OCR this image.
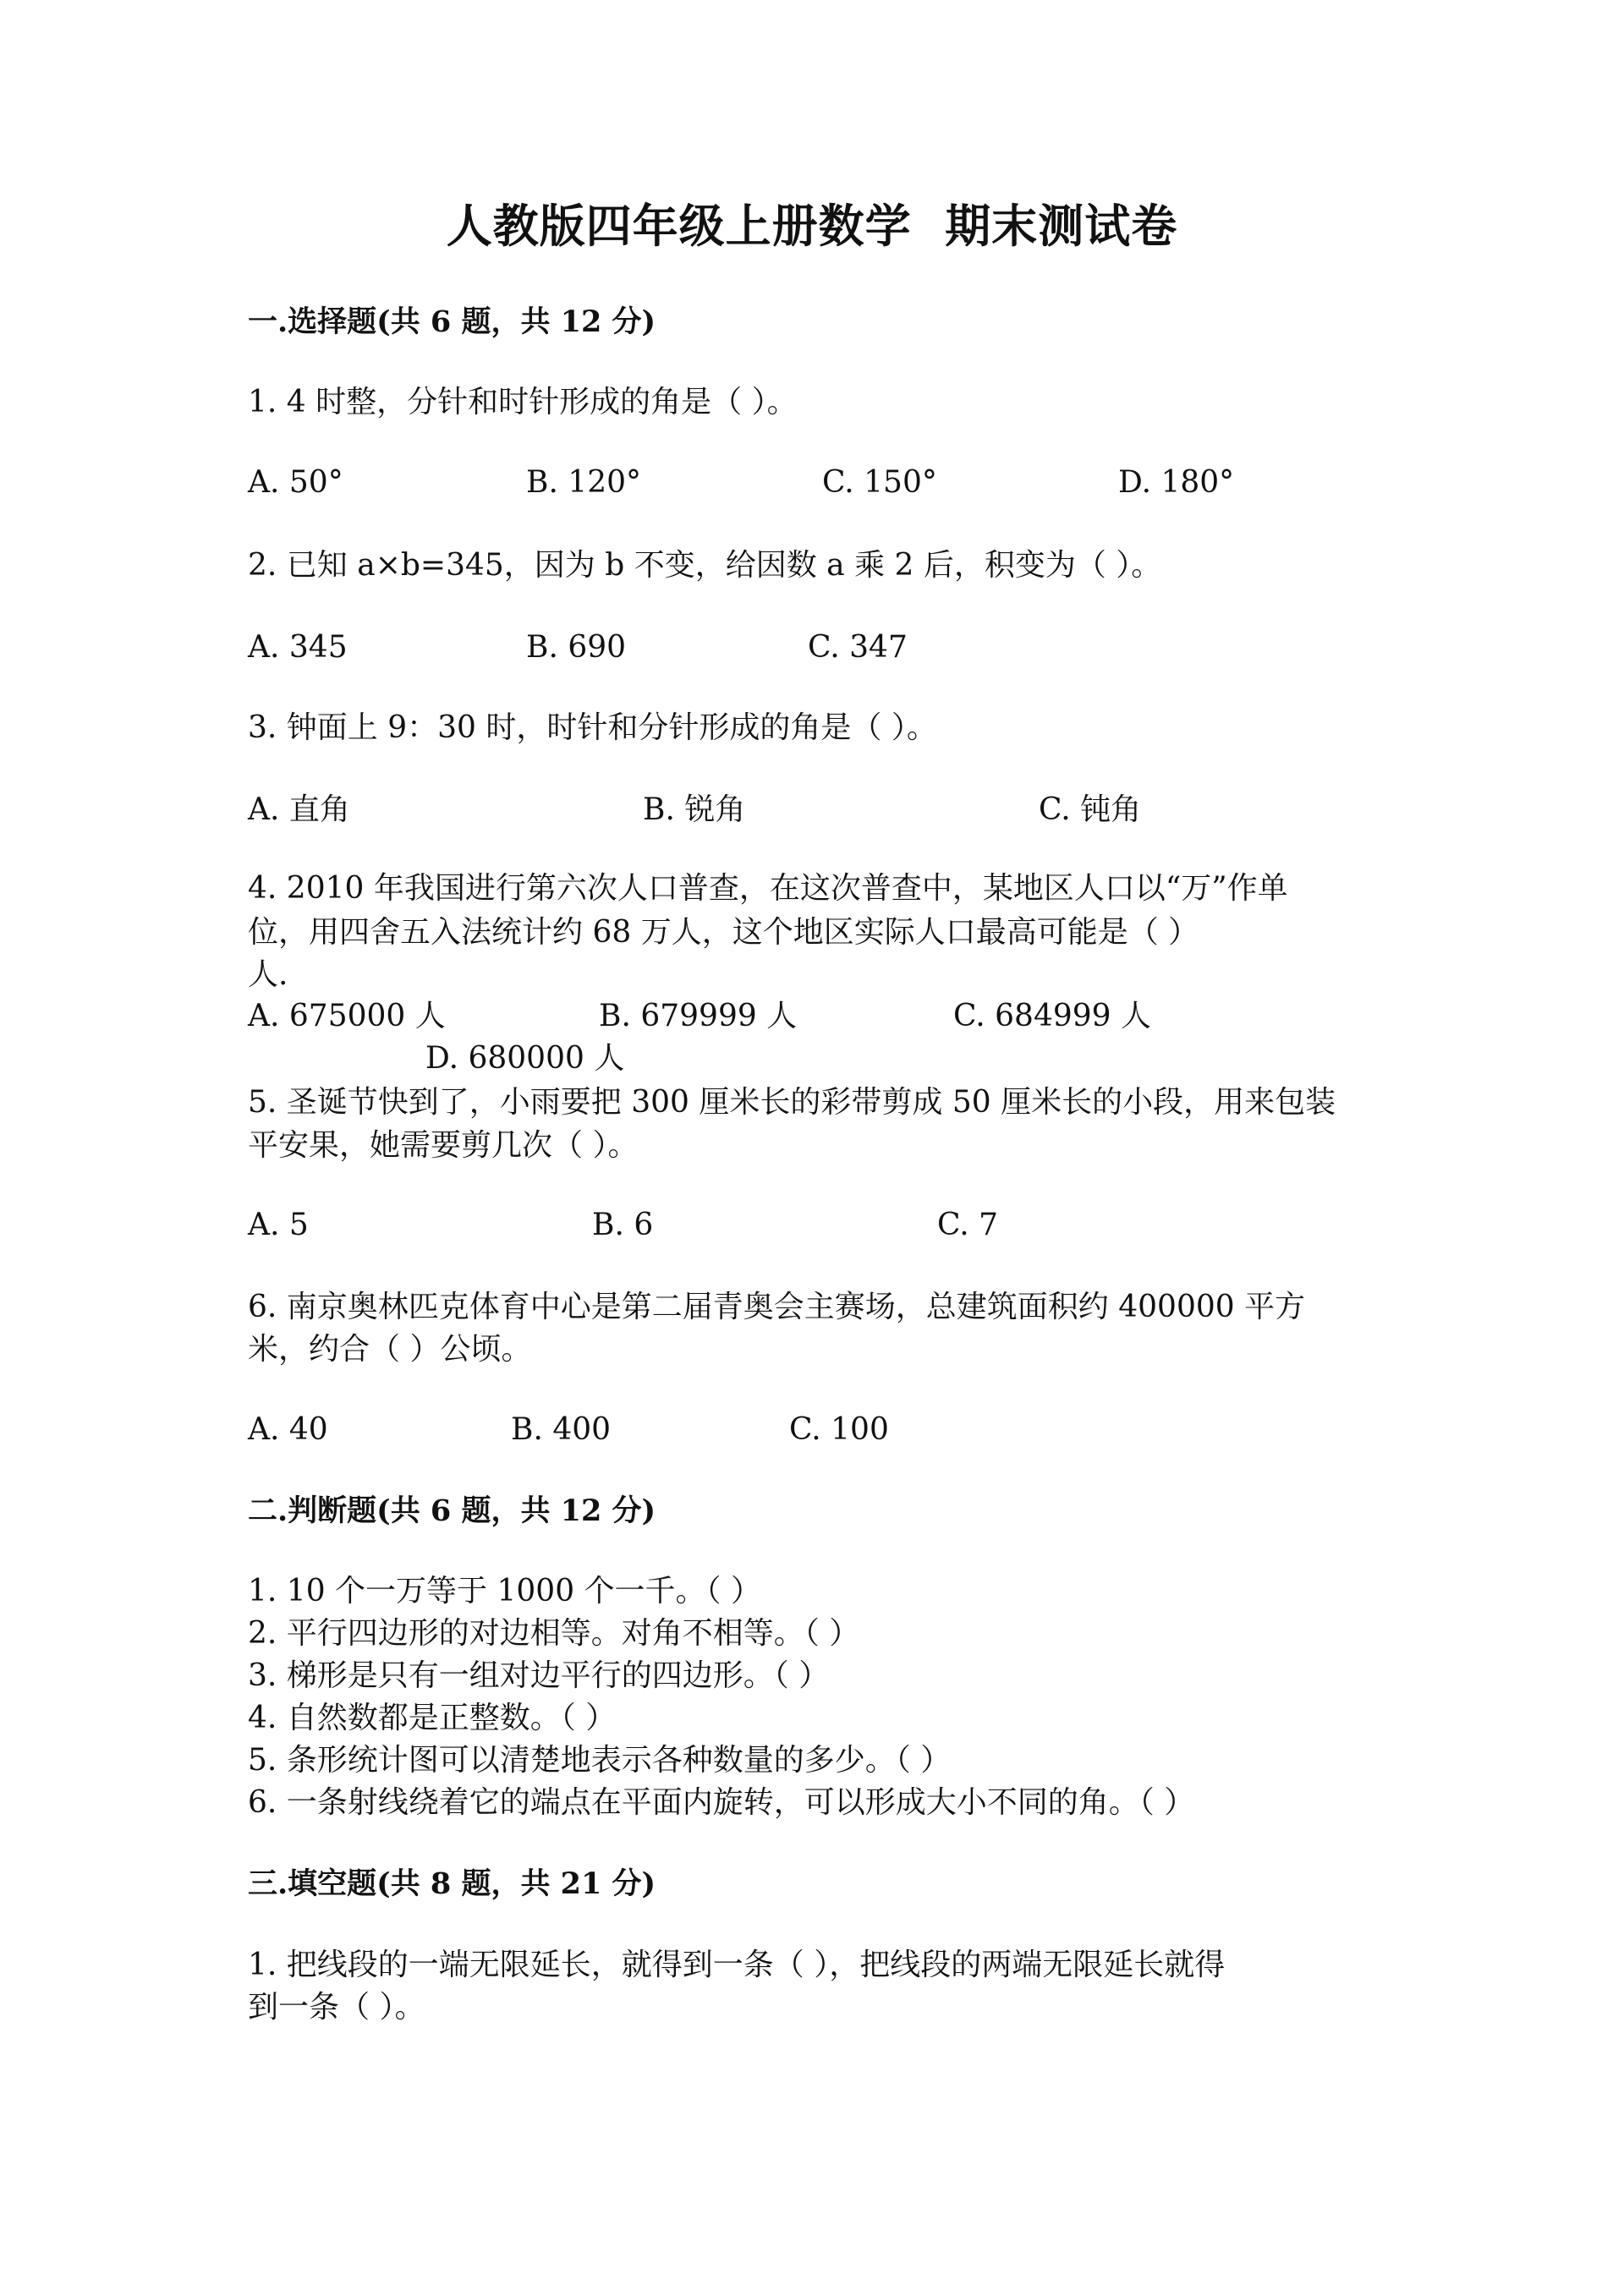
人教版四年级上册数学  期末测试卷
一.选择题(共 6 题，共 12 分)
1. 4 时整，分针和时针形成的角是（ ）。
A. 50°	B. 120°	C. 150°	D. 180°
2. 已知 a×b=345，因为 b 不变，给因数 a 乘 2 后，积变为（ ）。
A. 345	B. 690	C. 347
3. 钟面上 9：30 时，时针和分针形成的角是（ ）。
A. 直角	B. 锐角	C. 钝角
4. 2010 年我国进行第六次人口普查，在这次普查中，某地区人口以“万”作单
位，用四舍五入法统计约 68 万人，这个地区实际人口最高可能是（ ）
人.
A. 675000 人	B. 679999 人	C. 684999 人
D. 680000 人
5. 圣诞节快到了，小雨要把 300 厘米长的彩带剪成 50 厘米长的小段，用来包装
平安果，她需要剪几次（ ）。
A. 5	B. 6	C. 7
6. 南京奥林匹克体育中心是第二届青奥会主赛场，总建筑面积约 400000 平方
米，约合（ ）公顷。
A. 40	B. 400	C. 100
二.判断题(共 6 题，共 12 分)
1. 10 个一万等于 1000 个一千。（ ）
2. 平行四边形的对边相等。对角不相等。（ ）
3. 梯形是只有一组对边平行的四边形。（ ）
4. 自然数都是正整数。（ ）
5. 条形统计图可以清楚地表示各种数量的多少。（ ）
6. 一条射线绕着它的端点在平面内旋转，可以形成大小不同的角。（ ）
三.填空题(共 8 题，共 21 分)
1. 把线段的一端无限延长，就得到一条（ ），把线段的两端无限延长就得
到一条（ ）。
